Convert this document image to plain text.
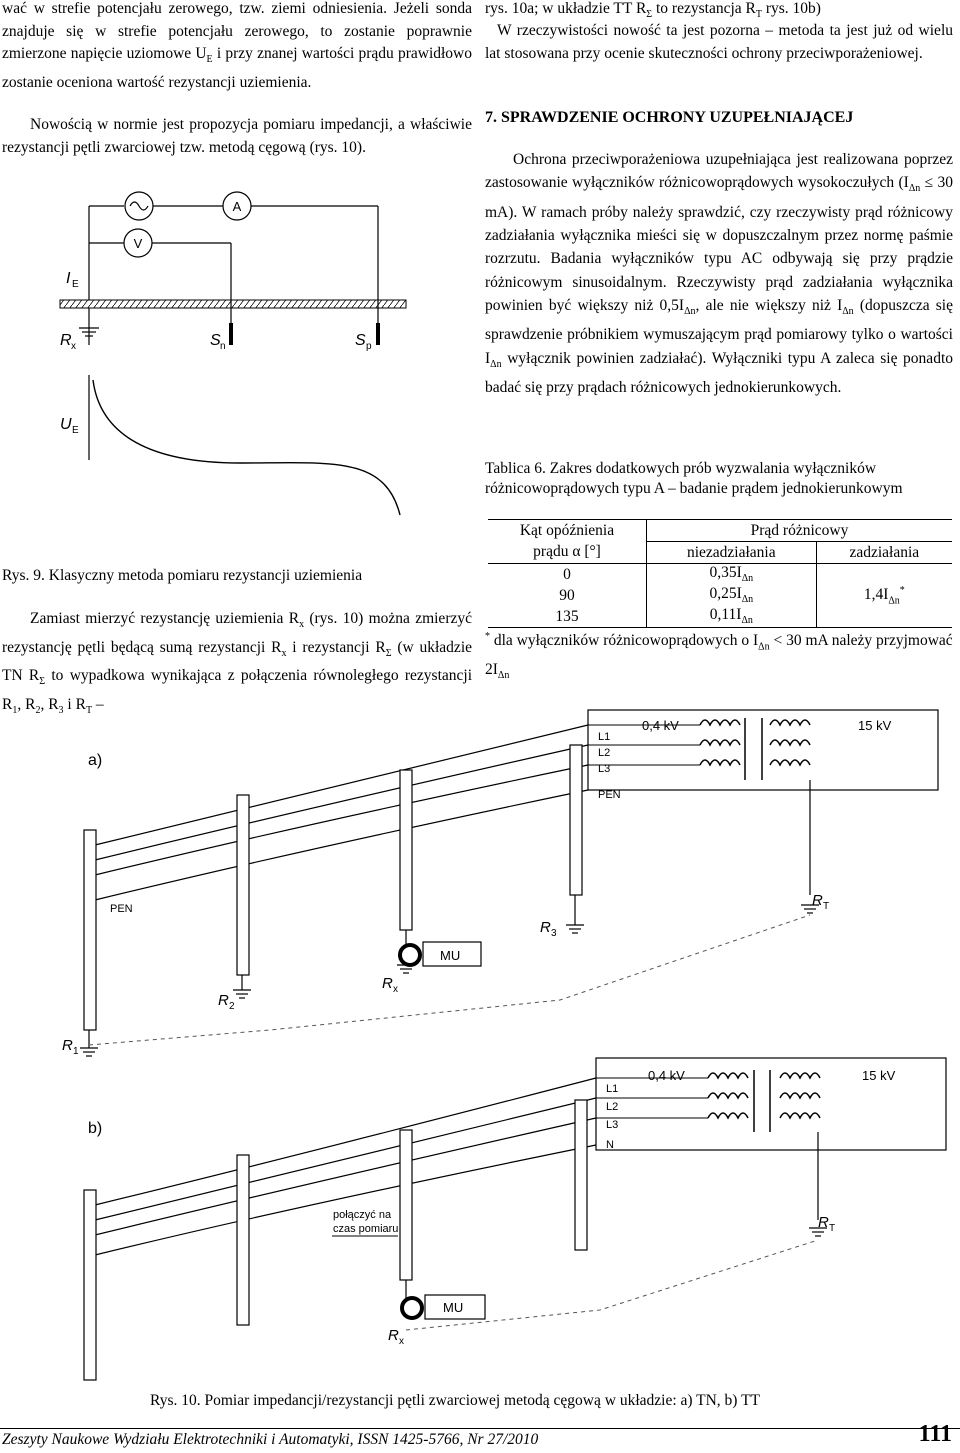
wać w strefie potencjału zerowego, tzw. ziemi odniesienia. Jeżeli sonda znajduje się w strefie potencjału zerowego, to zostanie poprawnie zmierzone napięcie uziomowe $U_E$ i przy znanej wartości prądu prawidłowo zostanie oceniona wartość rezystancji uziemienia.

Nowością w normie jest propozycja pomiaru impedancji, a właściwie rezystancji pętli zwarciowej tzw. metodą cęgową (rys. 10).

A
V
I E
R x	S n	S p
U E
Rys. 9. Klasyczny metoda pomiaru rezystancji uziemienia

Zamiast mierzyć rezystancję uziemienia $R_x$ (rys. 10) można zmierzyć rezystancję pętli będącą sumą rezystancji $R_x$ i rezystancji $R_\Sigma$ (w układzie TN $R_\Sigma$ to wypadkowa wynikająca z połączenia równoległego rezystancji $R_1$, $R_2$, $R_3$ i $R_T$ –

rys. 10a; w układzie TT $R_\Sigma$ to rezystancja $R_T$ rys. 10b)

W rzeczywistości nowość ta jest pozorna – metoda ta jest już od wielu lat stosowana przy ocenie skuteczności ochrony przeciwporażeniowej.

7. SPRAWDZENIE OCHRONY UZUPEŁNIAJĄCEJ

Ochrona przeciwporażeniowa uzupełniająca jest realizowana poprzez zastosowanie wyłączników różnicowoprądowych wysokoczułych ($I_{\Delta n} \le 30$ mA). W ramach próby należy sprawdzić, czy rzeczywisty prąd różnicowy zadziałania wyłącznika mieści się w dopuszczalnym przez normę paśmie rozrzutu. Badania wyłączników typu AC odbywają się przy prądzie różnicowym sinusoidalnym. Rzeczywisty prąd zadziałania wyłącznika powinien być większy niż $0,5I_{\Delta n}$, ale nie większy niż $I_{\Delta n}$ (dopuszcza się sprawdzenie próbnikiem wymuszającym prąd pomiarowy tylko o wartości $I_{\Delta n}$ wyłącznik powinien zadziałać). Wyłączniki typu A zaleca się ponadto badać się przy prądach różnicowych jednokierunkowych.

Tablica 6. Zakres dodatkowych prób wyzwalania wyłączników różnicowoprądowych typu A – badanie prądem jednokierunkowym
Kąt opóźnienia	Prąd różnicowy	
prądu α [°]	niezadziałania	zadziałania
0	$0,35I_{\Delta n}$	$1,4I_{\Delta n}^*$
90	$0,25I_{\Delta n}$
135	$0,11I_{\Delta n}$

* dla wyłączników różnicowoprądowych o $I_{\Delta n} < 30$ mA należy przyjmować $2I_{\Delta n}$

a)
0,4 kV	15 kV
L1
L2
L3
PEN
R T
R 1
R 2
R 3
PEN
MU
R x
b)
0,4 kV	15 kV
L1
L2
L3
N
R T
połączyć na
czas pomiaru
MU
R x
Rys. 10. Pomiar impedancji/rezystancji pętli zwarciowej metodą cęgową w układzie: a) TN, b) TT
Zeszyty Naukowe Wydziału Elektrotechniki i Automatyki, ISSN 1425-5766, Nr 27/2010	111
